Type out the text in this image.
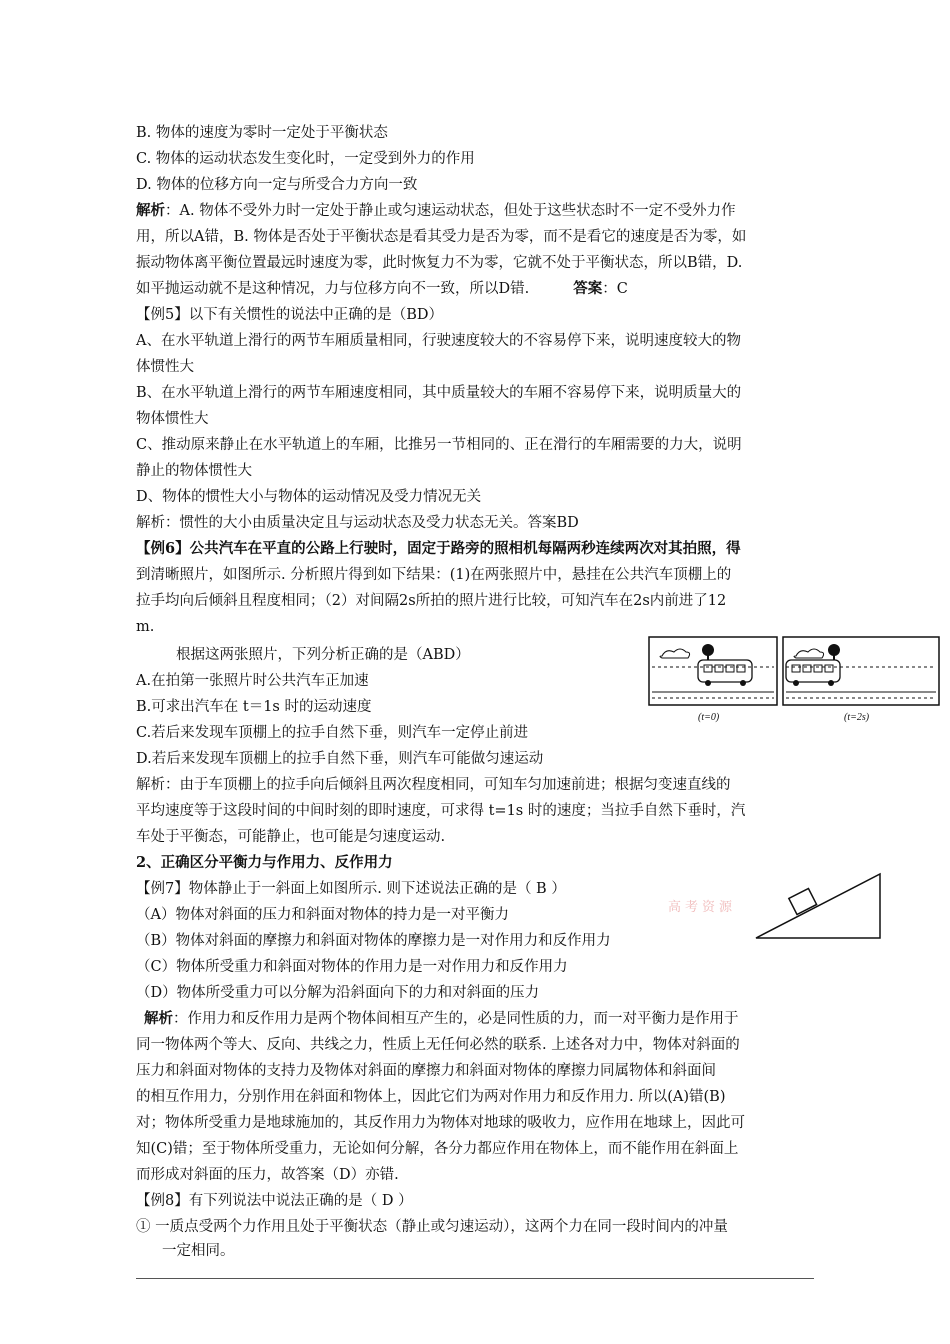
B. 物体的速度为零时一定处于平衡状态
C. 物体的运动状态发生变化时，一定受到外力的作用
D. 物体的位移方向一定与所受合力方向一致
解析：A. 物体不受外力时一定处于静止或匀速运动状态，但处于这些状态时不一定不受外力作
用，所以A错，B. 物体是否处于平衡状态是看其受力是否为零，而不是看它的速度是否为零，如
振动物体离平衡位置最远时速度为零，此时恢复力不为零，它就不处于平衡状态，所以B错，D.
如平抛运动就不是这种情况，力与位移方向不一致，所以D错.	答案：C
【例5】以下有关惯性的说法中正确的是（BD）
A、在水平轨道上滑行的两节车厢质量相同，行驶速度较大的不容易停下来，说明速度较大的物
体惯性大
B、在水平轨道上滑行的两节车厢速度相同，其中质量较大的车厢不容易停下来，说明质量大的
物体惯性大
C、推动原来静止在水平轨道上的车厢，比推另一节相同的、正在滑行的车厢需要的力大，说明
静止的物体惯性大
D、物体的惯性大小与物体的运动情况及受力情况无关
解析：惯性的大小由质量决定且与运动状态及受力状态无关。答案BD
【例6】公共汽车在平直的公路上行驶时，固定于路旁的照相机每隔两秒连续两次对其拍照，得
到清晰照片，如图所示. 分析照片得到如下结果：(1)在两张照片中，悬挂在公共汽车顶棚上的
拉手均向后倾斜且程度相同；（2）对间隔2s所拍的照片进行比较，可知汽车在2s内前进了12
m.
根据这两张照片，下列分析正确的是（ABD）
A.在拍第一张照片时公共汽车正加速
B.可求出汽车在 t＝1s 时的运动速度
C.若后来发现车顶棚上的拉手自然下垂，则汽车一定停止前进
D.若后来发现车顶棚上的拉手自然下垂，则汽车可能做匀速运动
解析：由于车顶棚上的拉手向后倾斜且两次程度相同，可知车匀加速前进；根据匀变速直线的
平均速度等于这段时间的中间时刻的即时速度，可求得 t=1s 时的速度；当拉手自然下垂时，汽
车处于平衡态，可能静止，也可能是匀速度运动.
2、正确区分平衡力与作用力、反作用力
【例7】物体静止于一斜面上如图所示. 则下述说法正确的是（ B ）
（A）物体对斜面的压力和斜面对物体的持力是一对平衡力
（B）物体对斜面的摩擦力和斜面对物体的摩擦力是一对作用力和反作用力
（C）物体所受重力和斜面对物体的作用力是一对作用力和反作用力
（D）物体所受重力可以分解为沿斜面向下的力和对斜面的压力
解析：作用力和反作用力是两个物体间相互产生的，必是同性质的力，而一对平衡力是作用于
同一物体两个等大、反向、共线之力，性质上无任何必然的联系. 上述各对力中，物体对斜面的
压力和斜面对物体的支持力及物体对斜面的摩擦力和斜面对物体的摩擦力同属物体和斜面间
的相互作用力，分别作用在斜面和物体上，因此它们为两对作用力和反作用力. 所以(A)错(B)
对；物体所受重力是地球施加的，其反作用力为物体对地球的吸收力，应作用在地球上，因此可
知(C)错；至于物体所受重力，无论如何分解，各分力都应作用在物体上，而不能作用在斜面上
而形成对斜面的压力，故答案（D）亦错.
【例8】有下列说法中说法正确的是（ D ）
① 一质点受两个力作用且处于平衡状态（静止或匀速运动），这两个力在同一段时间内的冲量
一定相同。
(t=0)	(t=2s)
高考资源
